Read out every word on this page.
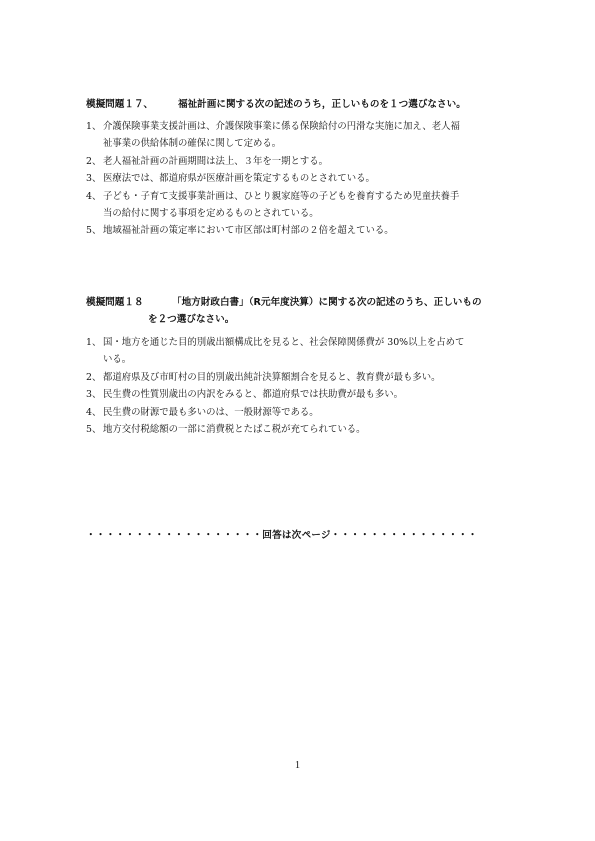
模擬問題１７、	福祉計画に関する次の記述のうち，正しいものを１つ選びなさい。
1、 介護保険事業支援計画は、介護保険事業に係る保険給付の円滑な実施に加え、老人福
祉事業の供給体制の確保に関して定める。
2、 老人福祉計画の計画期間は法上、３年を一期とする。
3、 医療法では、都道府県が医療計画を策定するものとされている。
4、 子ども・子育て支援事業計画は、ひとり親家庭等の子どもを養育するため児童扶養手
当の給付に関する事項を定めるものとされている。
5、 地域福祉計画の策定率において市区部は町村部の２倍を超えている。
模擬問題１８	「地方財政白書」（R元年度決算）に関する次の記述のうち、正しいもの
を２つ選びなさい。
1、 国・地方を通じた目的別歳出額構成比を見ると、社会保障関係費が 30%以上を占めて
いる。
2、 都道府県及び市町村の目的別歳出純計決算額割合を見ると、教育費が最も多い。
3、 民生費の性質別歳出の内訳をみると、都道府県では扶助費が最も多い。
4、 民生費の財源で最も多いのは、一般財源等である。
5、 地方交付税総額の一部に消費税とたばこ税が充てられている。
・・・・・・・・・・・・・・・・・・回答は次ページ・・・・・・・・・・・・・・・
1
